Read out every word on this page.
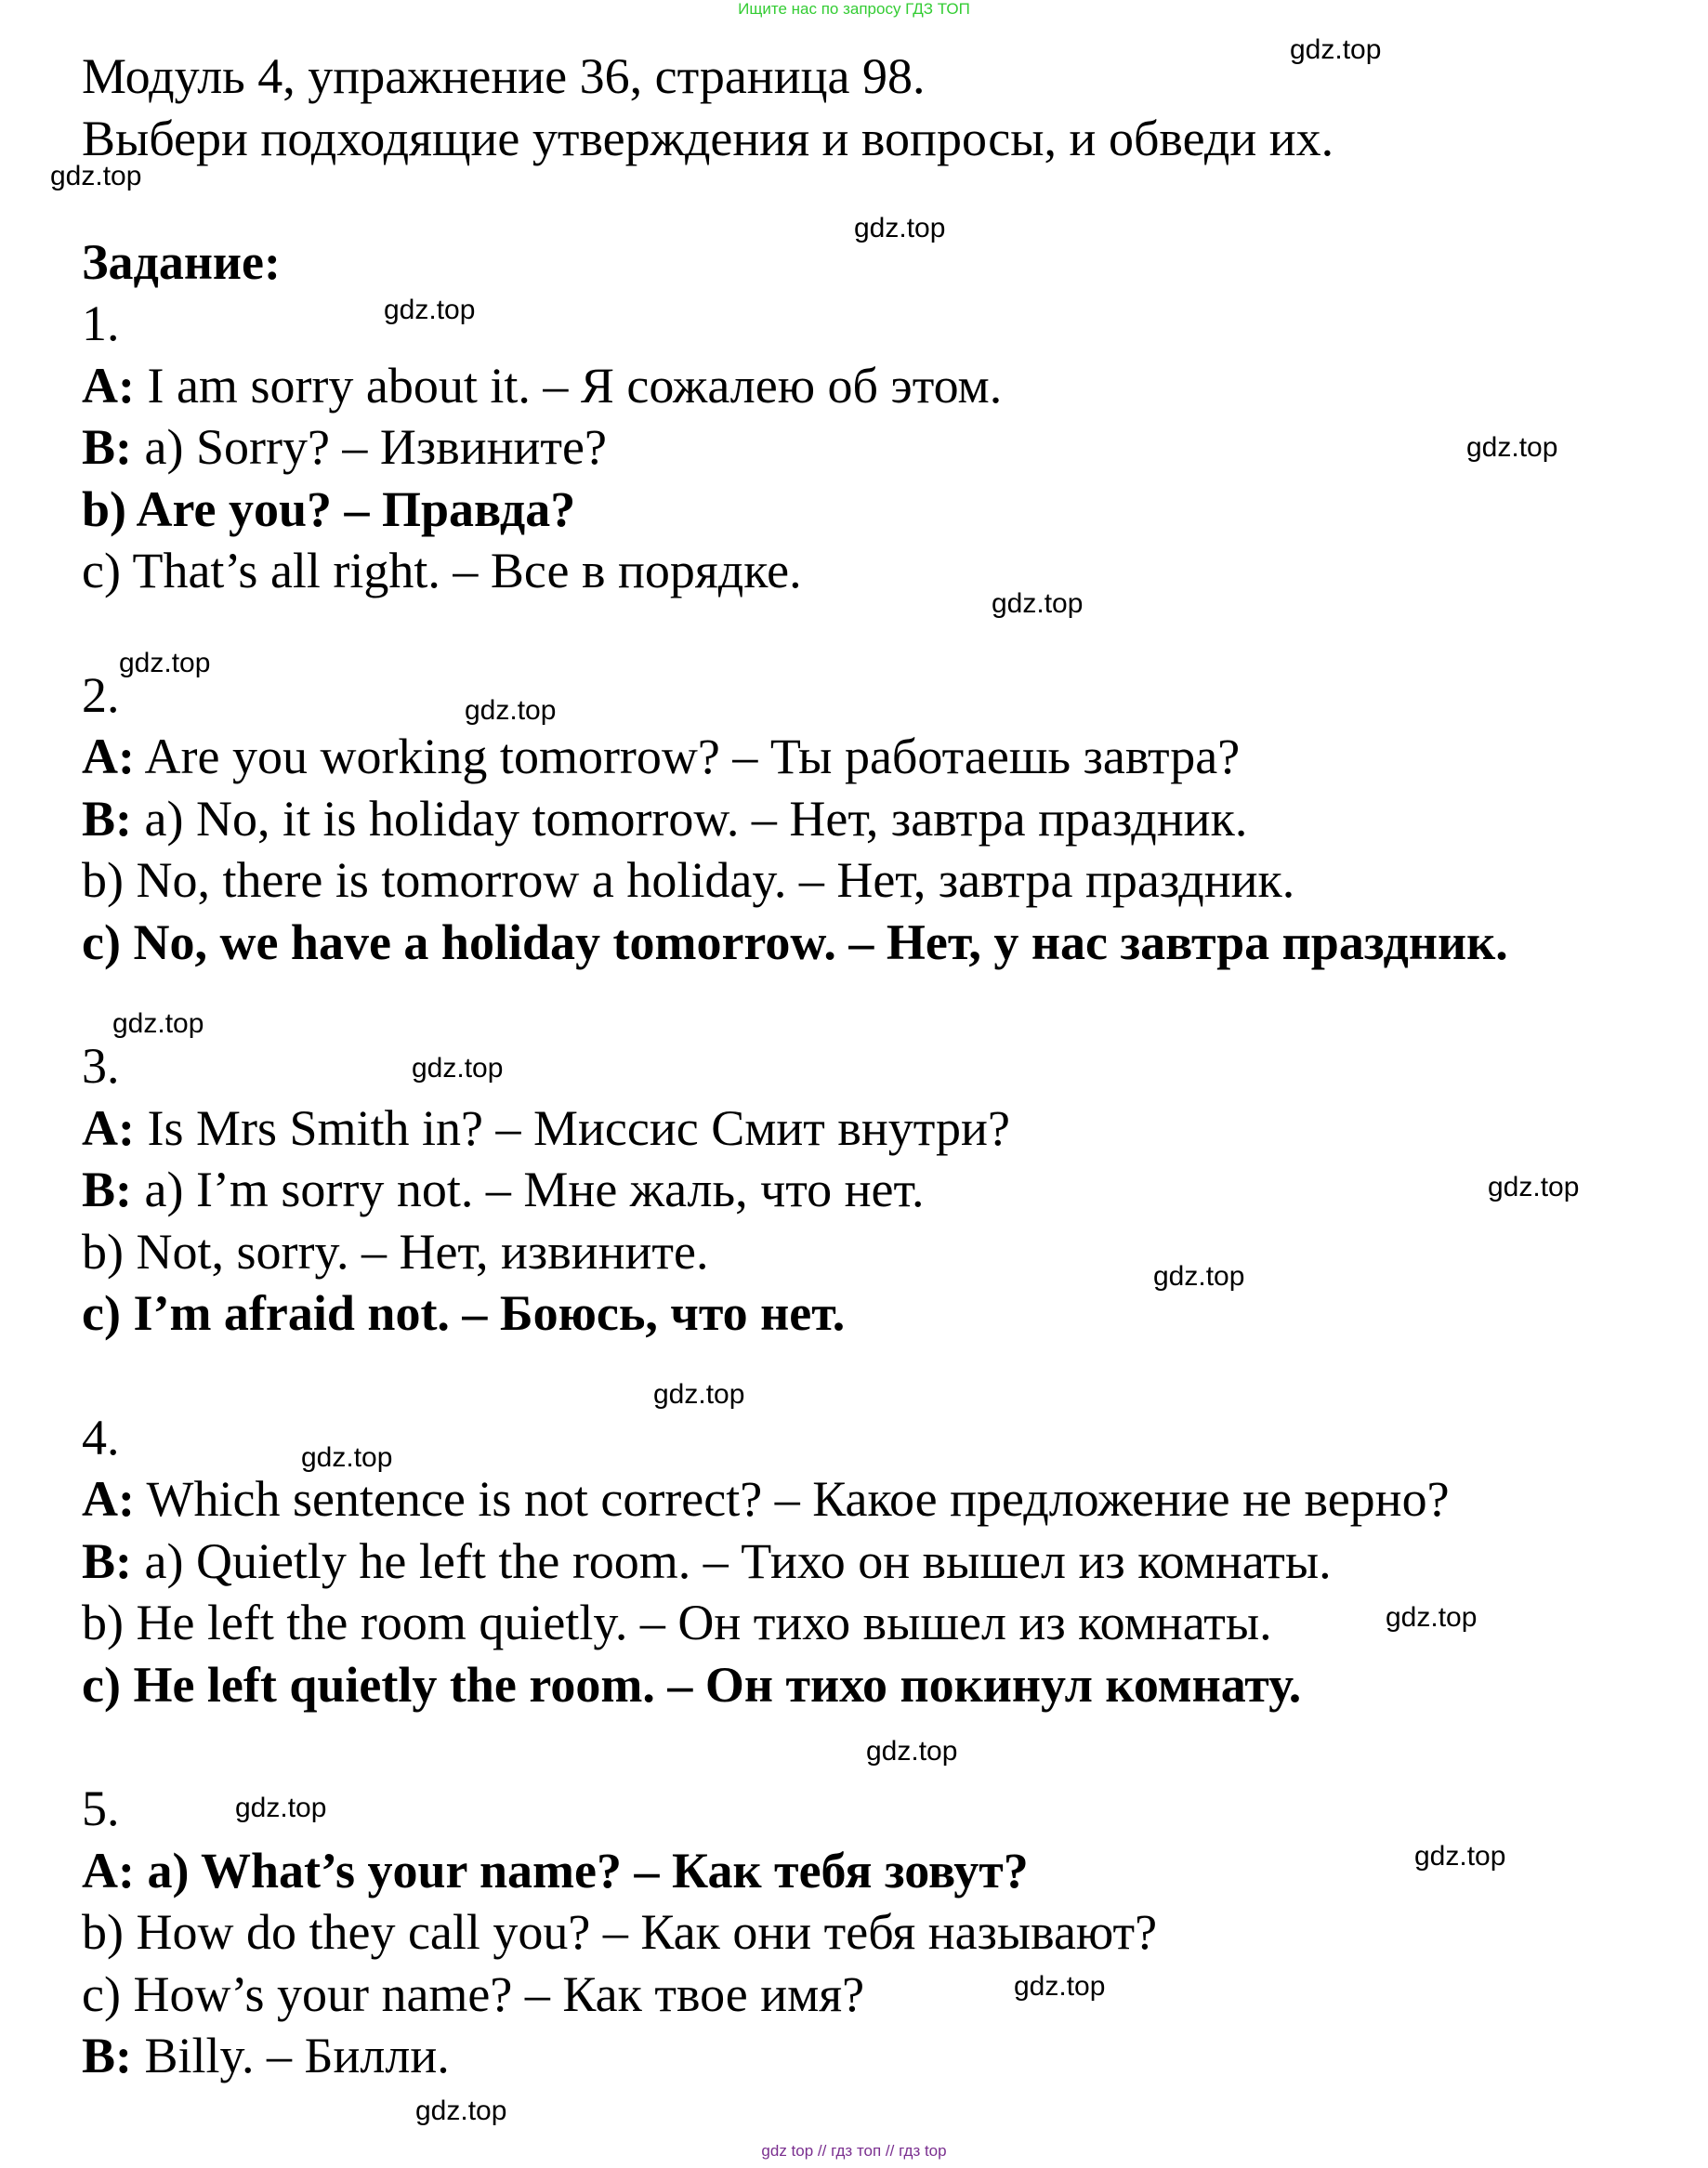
Ищите нас по запросу ГДЗ ТОП
Модуль 4, упражнение 36, страница 98.
Выбери подходящие утверждения и вопросы, и обведи их.
Задание:
1.
A: I am sorry about it. – Я сожалею об этом.
B: a) Sorry? – Извините?
b) Are you? – Правда?
c) That’s all right. – Все в порядке.
2.
A: Are you working tomorrow? – Ты работаешь завтра?
B: a) No, it is holiday tomorrow. – Нет, завтра праздник.
b) No, there is tomorrow a holiday. – Нет, завтра праздник.
c) No, we have a holiday tomorrow. – Нет, у нас завтра праздник.
3.
A: Is Mrs Smith in? – Миссис Смит внутри?
B: a) I’m sorry not. – Мне жаль, что нет.
b) Not, sorry. – Нет, извините.
c) I’m afraid not. – Боюсь, что нет.
4.
A: Which sentence is not correct? – Какое предложение не верно?
B: a) Quietly he left the room. – Тихо он вышел из комнаты.
b) He left the room quietly. – Он тихо вышел из комнаты.
c) He left quietly the room. – Он тихо покинул комнату.
5.
A: a) What’s your name? – Как тебя зовут?
b) How do they call you? – Как они тебя называют?
c) How’s your name? – Как твое имя?
B: Billy. – Билли.
gdz.top
gdz.top
gdz.top
gdz.top
gdz.top
gdz.top
gdz.top
gdz.top
gdz.top
gdz.top
gdz.top
gdz.top
gdz.top
gdz.top
gdz.top
gdz.top
gdz.top
gdz.top
gdz.top
gdz.top
gdz top // гдз топ // гдз top
